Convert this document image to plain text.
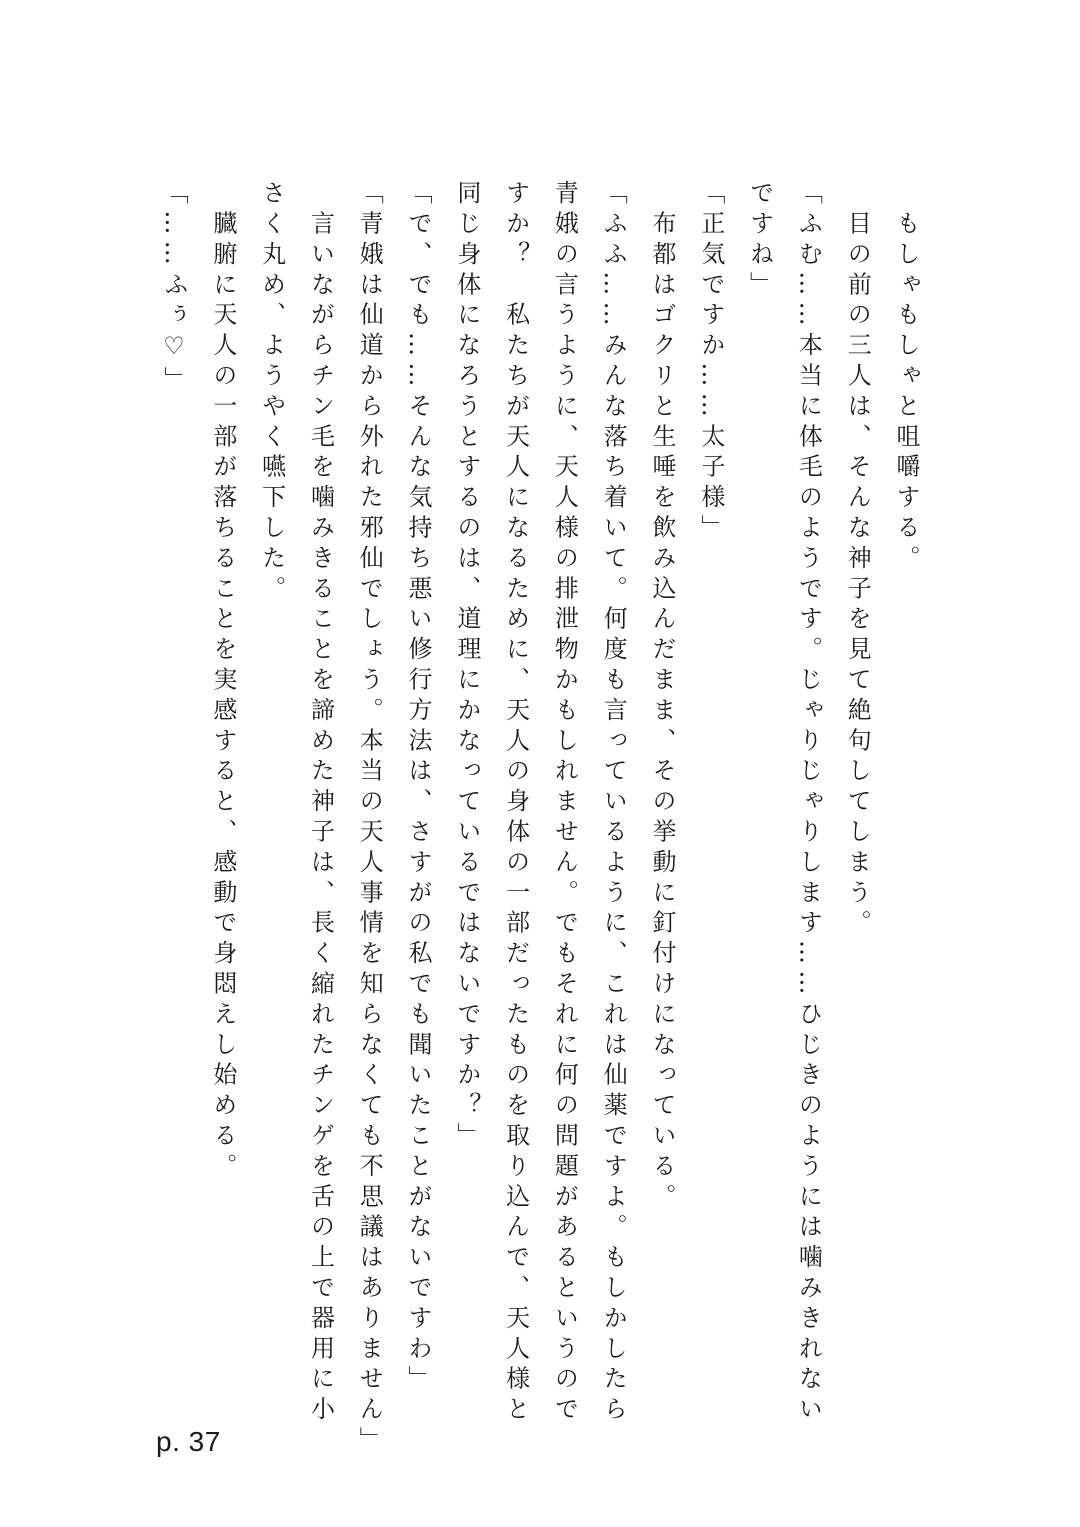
　もしゃもしゃと咀嚼する。
　目の前の三人は、そんな神子を見て絶句してしまう。
「ふむ……本当に体毛のようです。じゃりじゃりします……ひじきのようには噛みきれない
ですね」
「正気ですか……太子様」
　布都はゴクリと生唾を飲み込んだまま、その挙動に釘付けになっている。
「ふふ……みんな落ち着いて。何度も言っているように、これは仙薬ですよ。もしかしたら
青娥の言うように、天人様の排泄物かもしれません。でもそれに何の問題があるというので
すか？　私たちが天人になるために、天人の身体の一部だったものを取り込んで、天人様と
同じ身体になろうとするのは、道理にかなっているではないですか？」
「で、でも……そんな気持ち悪い修行方法は、さすがの私でも聞いたことがないですわ」
「青娥は仙道から外れた邪仙でしょう。本当の天人事情を知らなくても不思議はありません」
　言いながらチン毛を噛みきることを諦めた神子は、長く縮れたチンゲを舌の上で器用に小
さく丸め、ようやく嚥下した。
　臓腑に天人の一部が落ちることを実感すると、感動で身悶えし始める。
「……ふぅ♡」
p. 37
